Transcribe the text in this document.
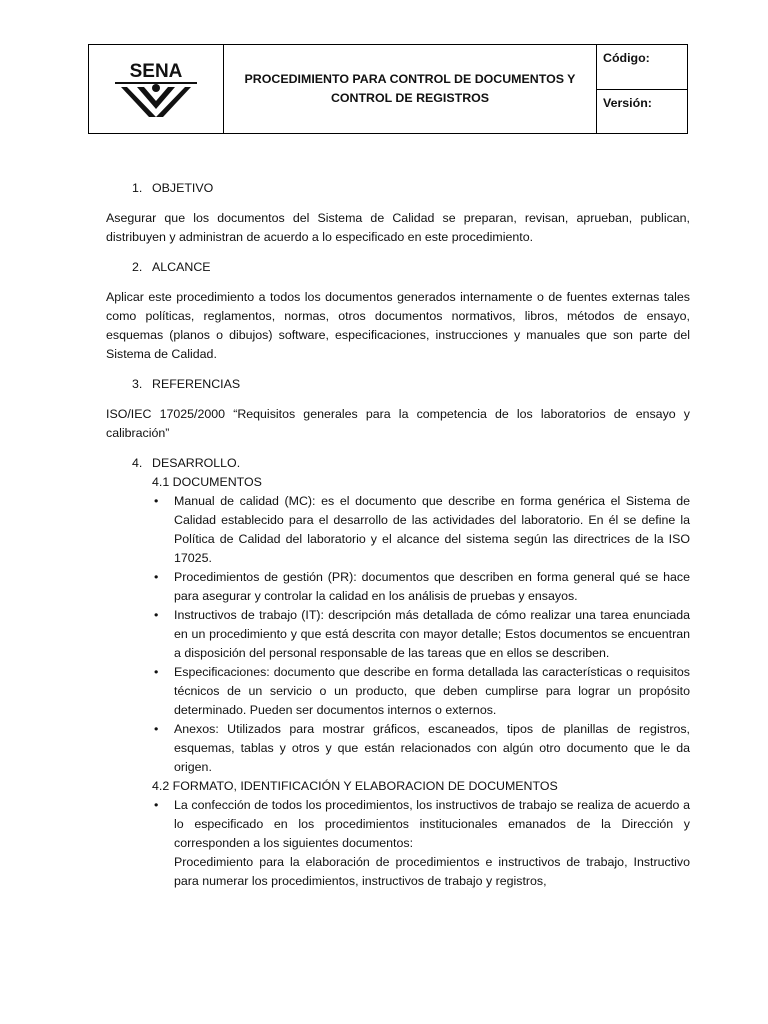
SENA	PROCEDIMIENTO PARA CONTROL DE DOCUMENTOS Y
CONTROL DE REGISTROS
Código:
Versión:
1. OBJETIVO

Asegurar que los documentos del Sistema de Calidad se preparan, revisan, aprueban, publican, distribuyen y administran de acuerdo a lo especificado en este procedimiento.

2. ALCANCE

Aplicar este procedimiento a todos los documentos generados internamente o de fuentes externas tales como políticas, reglamentos, normas, otros documentos normativos, libros, métodos de ensayo, esquemas (planos o dibujos) software, especificaciones, instrucciones y manuales que son parte del Sistema de Calidad.

3. REFERENCIAS

ISO/IEC 17025/2000 “Requisitos generales para la competencia de los laboratorios de ensayo y calibración”

4. DESARROLLO.

4.1 DOCUMENTOS

• Manual de calidad (MC): es el documento que describe en forma genérica el Sistema de Calidad establecido para el desarrollo de las actividades del laboratorio. En él se define la Política de Calidad del laboratorio y el alcance del sistema según las directrices de la ISO 17025.
• Procedimientos de gestión (PR): documentos que describen en forma general qué se hace para asegurar y controlar la calidad en los análisis de pruebas y ensayos.
• Instructivos de trabajo (IT): descripción más detallada de cómo realizar una tarea enunciada en un procedimiento y que está descrita con mayor detalle; Estos documentos se encuentran a disposición del personal responsable de las tareas que en ellos se describen.
• Especificaciones: documento que describe en forma detallada las características o requisitos técnicos de un servicio o un producto, que deben cumplirse para lograr un propósito determinado. Pueden ser documentos internos o externos.
• Anexos: Utilizados para mostrar gráficos, escaneados, tipos de planillas de registros, esquemas, tablas y otros y que están relacionados con algún otro documento que le da origen.

4.2 FORMATO, IDENTIFICACIÓN Y ELABORACION DE DOCUMENTOS

• La confección de todos los procedimientos, los instructivos de trabajo se realiza de acuerdo a lo especificado en los procedimientos institucionales emanados de la Dirección y corresponden a los siguientes documentos:
Procedimiento para la elaboración de procedimientos e instructivos de trabajo, Instructivo para numerar los procedimientos, instructivos de trabajo y registros,
